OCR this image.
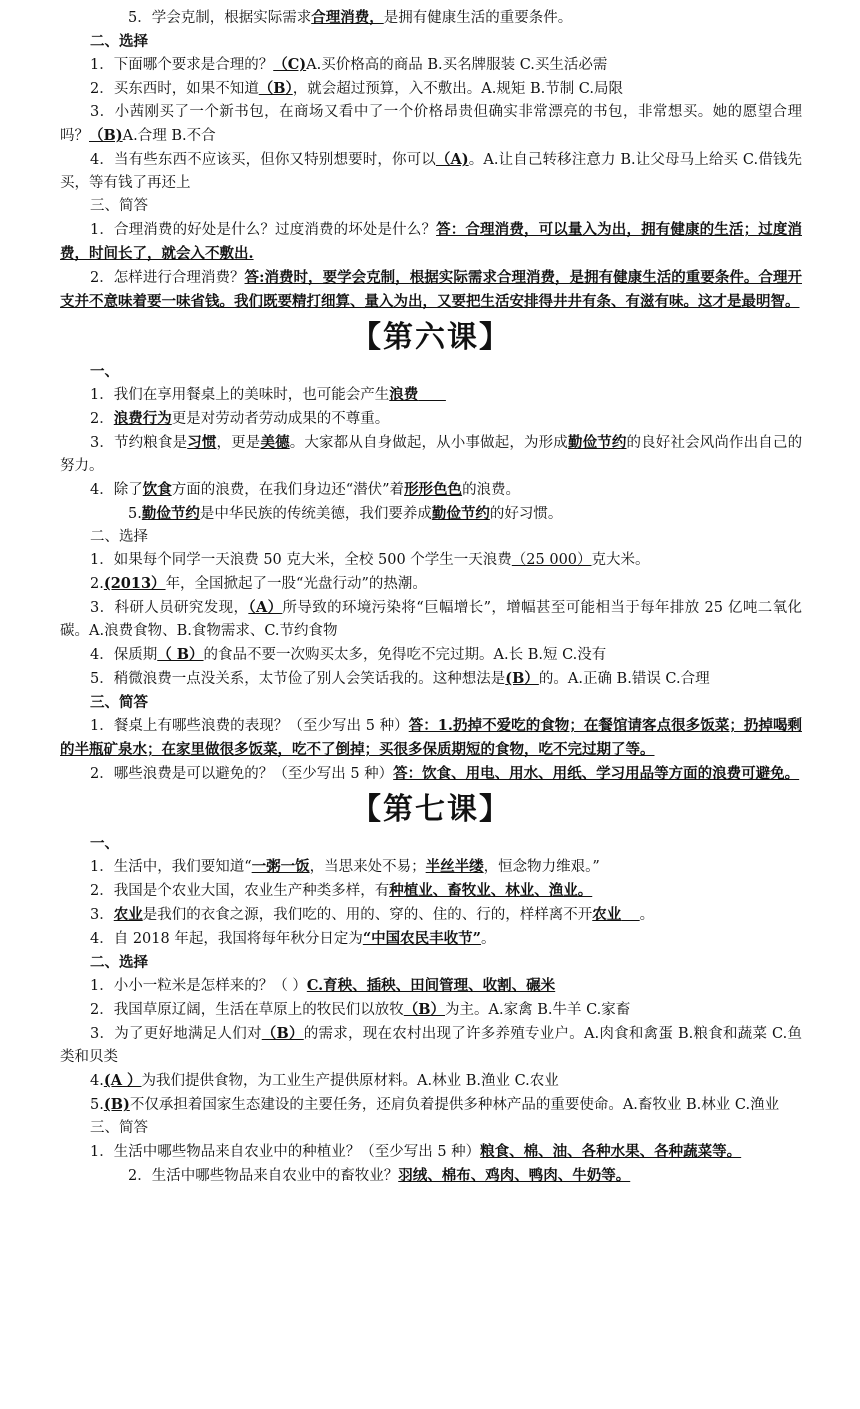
5．学会克制，根据实际需求合理消费，是拥有健康生活的重要条件。

二、选择

1．下面哪个要求是合理的？（C)A.买价格高的商品 B.买名牌服装 C.买生活必需

2．买东西时，如果不知道（B），就会超过预算，入不敷出。A.规矩 B.节制 C.局限

3．小茜刚买了一个新书包，在商场又看中了一个价格昂贵但确实非常漂亮的书包，非常想买。她的愿望合理吗？（B)A.合理 B.不合

4．当有些东西不应该买，但你又特别想要时，你可以（A)。A.让自己转移注意力 B.让父母马上给买 C.借钱先买，等有钱了再还上

三、简答

1．合理消费的好处是什么？过度消费的坏处是什么？答：合理消费，可以量入为出，拥有健康的生活；过度消费，时间长了，就会入不敷出.

2．怎样进行合理消费？答:消费时，要学会克制，根据实际需求合理消费，是拥有健康生活的重要条件。合理开支并不意味着要一味省钱。我们既要精打细算、量入为出，又要把生活安排得井井有条、有滋有味。这才是最明智。

【第六课】

一、

1．我们在享用餐桌上的美味时，也可能会产生浪费

2．浪费行为更是对劳动者劳动成果的不尊重。

3．节约粮食是习惯，更是美德。大家都从自身做起，从小事做起，为形成勤俭节约的良好社会风尚作出自己的努力。

4．除了饮食方面的浪费，在我们身边还“潜伏”着形形色色的浪费。

5.勤俭节约是中华民族的传统美德，我们要养成勤俭节约的好习惯。

二、选择

1．如果每个同学一天浪费 50 克大米，全校 500 个学生一天浪费（25 000）克大米。

2.(2013）年，全国掀起了一股“光盘行动”的热潮。

3．科研人员研究发现，（A）所导致的环境污染将“巨幅增长”，增幅甚至可能相当于每年排放 25 亿吨二氧化碳。A.浪费食物、B.食物需求、C.节约食物

4．保质期（ B）的食品不要一次购买太多，免得吃不完过期。A.长 B.短 C.没有

5．稍微浪费一点没关系，太节俭了别人会笑话我的。这种想法是(B）的。A.正确 B.错误 C.合理

三、简答

1．餐桌上有哪些浪费的表现？（至少写出 5 种）答：1.扔掉不爱吃的食物；在餐馆请客点很多饭菜；扔掉喝剩的半瓶矿泉水；在家里做很多饭菜，吃不了倒掉；买很多保质期短的食物，吃不完过期了等。

2．哪些浪费是可以避免的？（至少写出 5 种）答：饮食、用电、用水、用纸、学习用品等方面的浪费可避免。

【第七课】

一、

1．生活中，我们要知道“一粥一饭，当思来处不易；半丝半缕，恒念物力维艰。”

2．我国是个农业大国，农业生产种类多样，有种植业、畜牧业、林业、渔业。

3．农业是我们的衣食之源，我们吃的、用的、穿的、住的、行的，样样离不开农业 。

4．自 2018 年起，我国将每年秋分日定为“中国农民丰收节”。

二、选择

1．小小一粒米是怎样来的？（ ）C.育秧、插秧、田间管理、收割、碾米

2．我国草原辽阔，生活在草原上的牧民们以放牧（B）为主。A.家禽 B.牛羊 C.家畜

3．为了更好地满足人们对（B）的需求，现在农村出现了许多养殖专业户。A.肉食和禽蛋 B.粮食和蔬菜 C.鱼类和贝类

4.(A ）为我们提供食物，为工业生产提供原材料。A.林业 B.渔业 C.农业

5.(B)不仅承担着国家生态建设的主要任务，还肩负着提供多种林产品的重要使命。A.畜牧业 B.林业 C.渔业

三、简答

1．生活中哪些物品来自农业中的种植业？（至少写出 5 种）粮食、棉、油、各种水果、各种蔬菜等。

2．生活中哪些物品来自农业中的畜牧业？羽绒、棉布、鸡肉、鸭肉、牛奶等。
